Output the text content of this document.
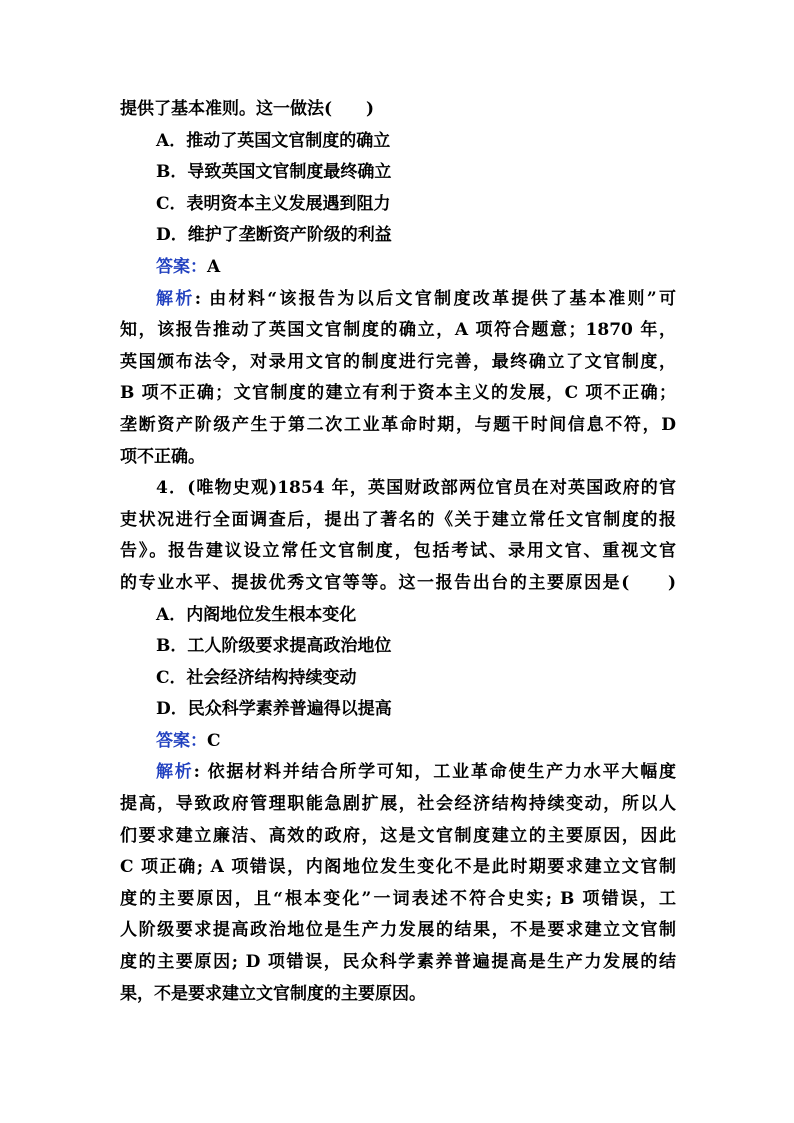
提供了基本准则。这一做法(　　)
A．推动了英国文官制度的确立
B．导致英国文官制度最终确立
C．表明资本主义发展遇到阻力
D．维护了垄断资产阶级的利益
答案：A
解析: 由材料“该报告为以后文官制度改革提供了基本准则”可
知，该报告推动了英国文官制度的确立，A 项符合题意；1870 年，
英国颁布法令，对录用文官的制度进行完善，最终确立了文官制度，
B 项不正确；文官制度的建立有利于资本主义的发展，C 项不正确；
垄断资产阶级产生于第二次工业革命时期，与题干时间信息不符，D
项不正确。
4．(唯物史观)1854 年，英国财政部两位官员在对英国政府的官
吏状况进行全面调查后，提出了著名的《关于建立常任文官制度的报
告》。报告建议设立常任文官制度，包括考试、录用文官、重视文官
的专业水平、提拔优秀文官等等。这一报告出台的主要原因是(　　)
A．内阁地位发生根本变化
B．工人阶级要求提高政治地位
C．社会经济结构持续变动
D．民众科学素养普遍得以提高
答案：C
解析: 依据材料并结合所学可知，工业革命使生产力水平大幅度
提高，导致政府管理职能急剧扩展，社会经济结构持续变动，所以人
们要求建立廉洁、高效的政府，这是文官制度建立的主要原因，因此
C 项正确; A 项错误，内阁地位发生变化不是此时期要求建立文官制
度的主要原因，且“根本变化”一词表述不符合史实; B 项错误，工
人阶级要求提高政治地位是生产力发展的结果，不是要求建立文官制
度的主要原因; D 项错误，民众科学素养普遍提高是生产力发展的结
果，不是要求建立文官制度的主要原因。
